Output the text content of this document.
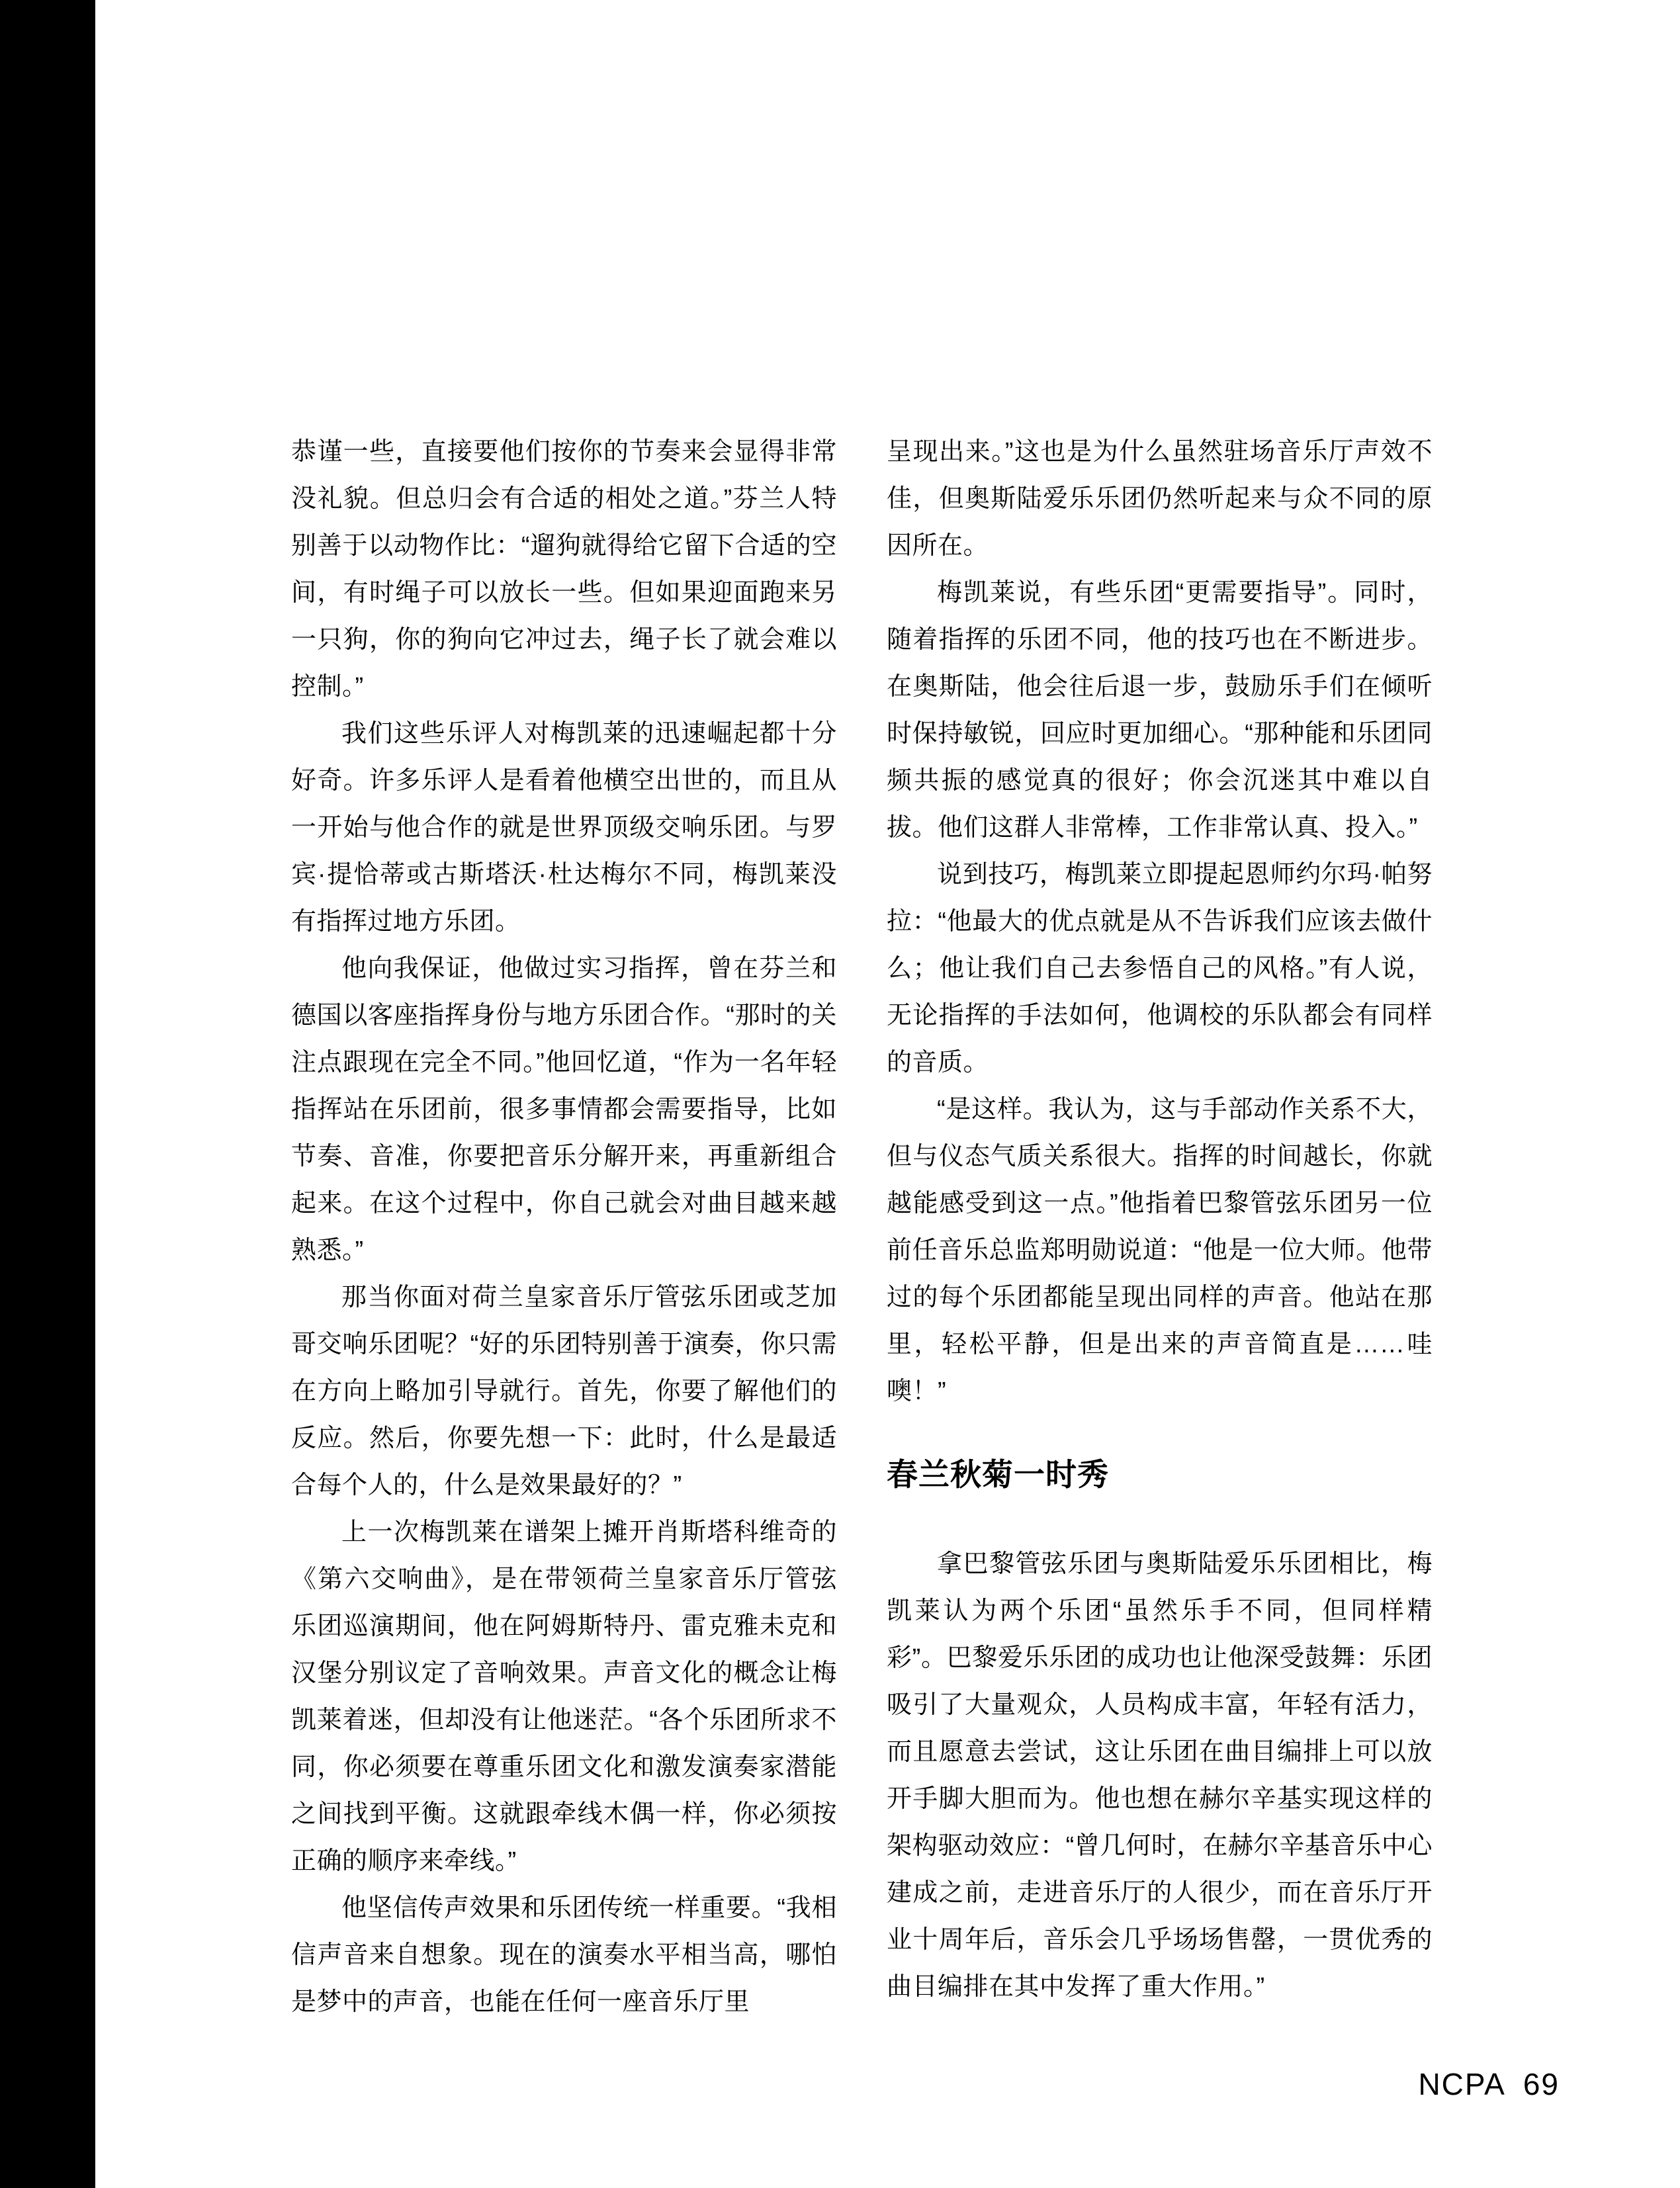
恭谨一些，直接要他们按你的节奏来会显得非常没礼貌。但总归会有合适的相处之道。”芬兰人特别善于以动物作比：“遛狗就得给它留下合适的空间，有时绳子可以放长一些。但如果迎面跑来另一只狗，你的狗向它冲过去，绳子长了就会难以控制。”

我们这些乐评人对梅凯莱的迅速崛起都十分好奇。许多乐评人是看着他横空出世的，而且从一开始与他合作的就是世界顶级交响乐团。与罗宾·提恰蒂或古斯塔沃·杜达梅尔不同，梅凯莱没有指挥过地方乐团。

他向我保证，他做过实习指挥，曾在芬兰和德国以客座指挥身份与地方乐团合作。“那时的关注点跟现在完全不同。”他回忆道，“作为一名年轻指挥站在乐团前，很多事情都会需要指导，比如节奏、音准，你要把音乐分解开来，再重新组合起来。在这个过程中，你自己就会对曲目越来越熟悉。”

那当你面对荷兰皇家音乐厅管弦乐团或芝加哥交响乐团呢？“好的乐团特别善于演奏，你只需在方向上略加引导就行。首先，你要了解他们的反应。然后，你要先想一下：此时，什么是最适合每个人的，什么是效果最好的？”

上一次梅凯莱在谱架上摊开肖斯塔科维奇的《第六交响曲》，是在带领荷兰皇家音乐厅管弦乐团巡演期间，他在阿姆斯特丹、雷克雅未克和汉堡分别议定了音响效果。声音文化的概念让梅凯莱着迷，但却没有让他迷茫。“各个乐团所求不同，你必须要在尊重乐团文化和激发演奏家潜能之间找到平衡。这就跟牵线木偶一样，你必须按正确的顺序来牵线。”

他坚信传声效果和乐团传统一样重要。“我相信声音来自想象。现在的演奏水平相当高，哪怕是梦中的声音，也能在任何一座音乐厅里

呈现出来。”这也是为什么虽然驻场音乐厅声效不佳，但奥斯陆爱乐乐团仍然听起来与众不同的原因所在。

梅凯莱说，有些乐团“更需要指导”。同时，随着指挥的乐团不同，他的技巧也在不断进步。在奥斯陆，他会往后退一步，鼓励乐手们在倾听时保持敏锐，回应时更加细心。“那种能和乐团同频共振的感觉真的很好；你会沉迷其中难以自拔。他们这群人非常棒，工作非常认真、投入。”

说到技巧，梅凯莱立即提起恩师约尔玛·帕努拉：“他最大的优点就是从不告诉我们应该去做什么；他让我们自己去参悟自己的风格。”有人说，无论指挥的手法如何，他调校的乐队都会有同样的音质。

“是这样。我认为，这与手部动作关系不大，但与仪态气质关系很大。指挥的时间越长，你就越能感受到这一点。”他指着巴黎管弦乐团另一位前任音乐总监郑明勋说道：“他是一位大师。他带过的每个乐团都能呈现出同样的声音。他站在那里，轻松平静，但是出来的声音简直是……哇噢！”

春兰秋菊一时秀

拿巴黎管弦乐团与奥斯陆爱乐乐团相比，梅凯莱认为两个乐团“虽然乐手不同，但同样精彩”。巴黎爱乐乐团的成功也让他深受鼓舞：乐团吸引了大量观众，人员构成丰富，年轻有活力，而且愿意去尝试，这让乐团在曲目编排上可以放开手脚大胆而为。他也想在赫尔辛基实现这样的架构驱动效应：“曾几何时，在赫尔辛基音乐中心建成之前，走进音乐厅的人很少，而在音乐厅开业十周年后，音乐会几乎场场售罄，一贯优秀的曲目编排在其中发挥了重大作用。”

NCPA 69
